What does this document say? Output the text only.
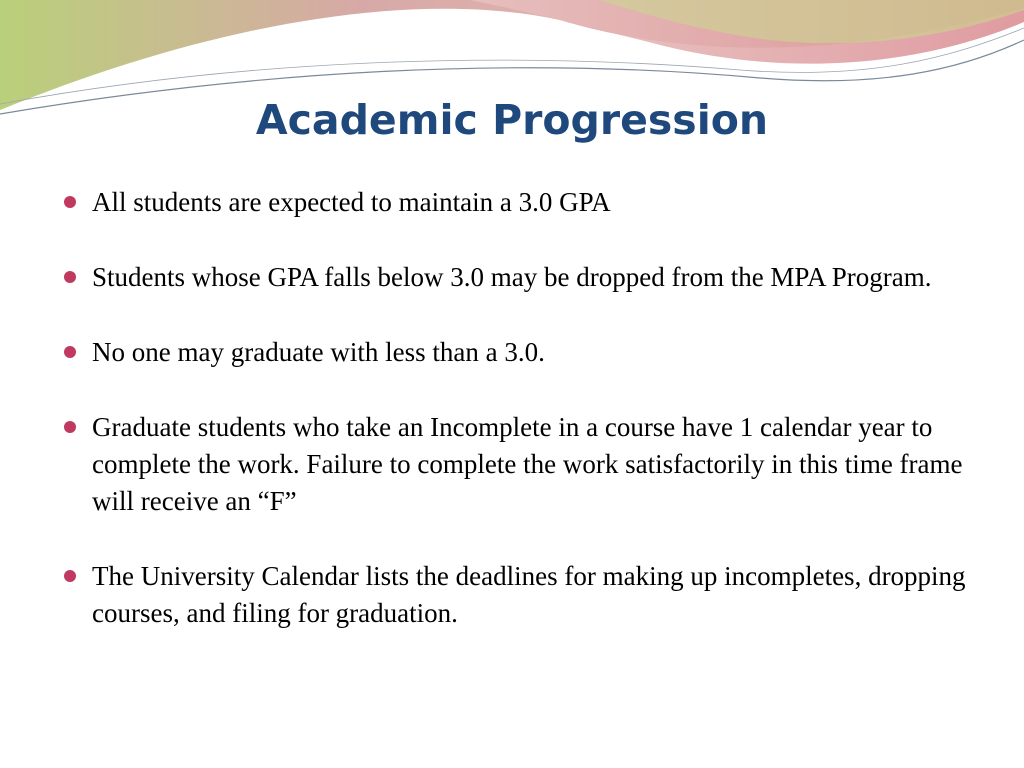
Academic Progression
All students are expected to maintain a 3.0 GPA
Students whose GPA falls below 3.0 may be dropped from the MPA Program.
No one may graduate with less than a 3.0.
Graduate students who take an Incomplete in a course have 1 calendar year to complete the work. Failure to complete the work satisfactorily in this time frame will receive an “F”
The University Calendar lists the deadlines for making up incompletes, dropping courses, and filing for graduation.
